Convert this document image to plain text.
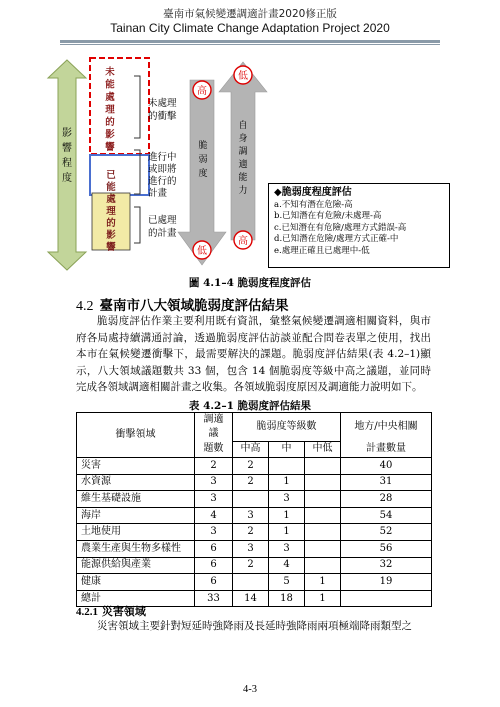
臺南市氣候變遷調適計畫2020修正版
Tainan City Climate Change Adaptation Project 2020
影
響
程
度
未
能
處
理
的
影
響
已
能
處
理
的
影
響
未處理
的衝擊
進行中
或即將
進行的
計畫
已處理
的計畫
脆
弱
度
自
身
調
適
能
力
高
低
低
高
◆脆弱度程度評估
a.不知有潛在危險-高
b.已知潛在有危險/未處理-高
c.已知潛在有危險/處理方式錯誤-高
d.已知潛在危險/處理方式正確-中
e.處理正確且已處理中-低
圖 4.1–4 脆弱度程度評估
4.2 臺南市八大領域脆弱度評估結果
脆弱度評估作業主要利用既有資訊，彙整氣候變遷調適相關資料，與市府各局處持續溝通討論，透過脆弱度評估訪談並配合問卷表單之使用，找出本市在氣候變遷衝擊下，最需要解決的課題。脆弱度評估結果(表 4.2–1)顯示，八大領域議題數共 33 個，包含 14 個脆弱度等級中高之議題，並同時完成各領域調適相關計畫之收集。各領域脆弱度原因及調適能力說明如下。
表 4.2–1 脆弱度評估結果
衝擊領域	調適議	脆弱度等級數			地方/中央相關
	題數	中高	中	中低	計畫數量
災害	2	2			40
水資源	3	2	1		31
維生基礎設施	3		3		28
海岸	4	3	1		54
土地使用	3	2	1		52
農業生產與生物多樣性	6	3	3		56
能源供給與產業	6	2	4		32
健康	6		5	1	19
總計	33	14	18	1	
4.2.1 災害領域
災害領域主要針對短延時強降雨及長延時強降雨兩項極端降雨類型之
4-3
